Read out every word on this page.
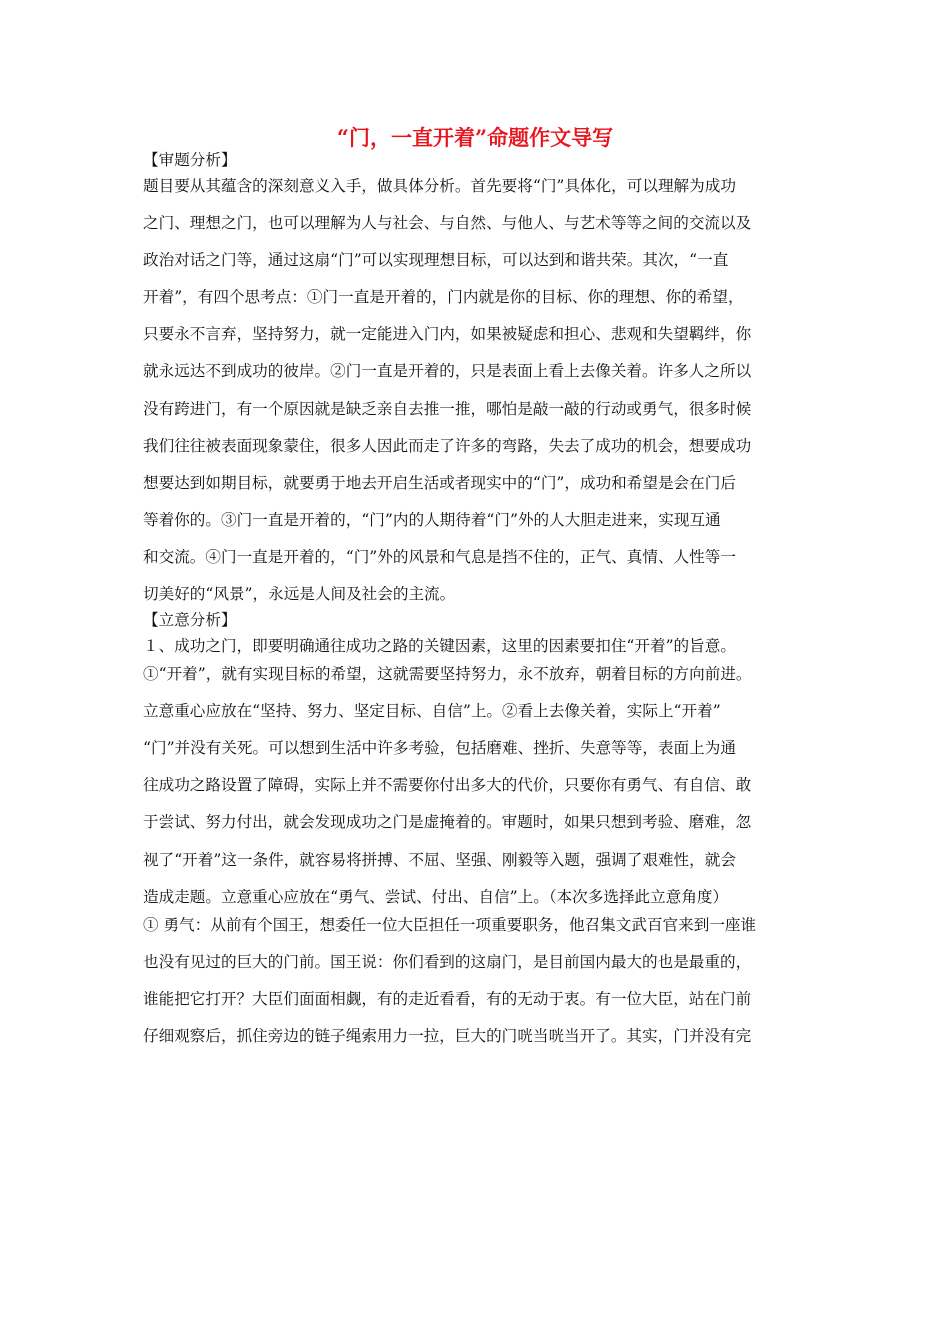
“门，一直开着”命题作文导写
【审题分析】
题目要从其蕴含的深刻意义入手，做具体分析。首先要将“门”具体化，可以理解为成功
之门、理想之门，也可以理解为人与社会、与自然、与他人、与艺术等等之间的交流以及
政治对话之门等，通过这扇“门”可以实现理想目标，可以达到和谐共荣。其次，“一直
开着”，有四个思考点：①门一直是开着的，门内就是你的目标、你的理想、你的希望，
只要永不言弃，坚持努力，就一定能进入门内，如果被疑虑和担心、悲观和失望羁绊，你
就永远达不到成功的彼岸。②门一直是开着的，只是表面上看上去像关着。许多人之所以
没有跨进门，有一个原因就是缺乏亲自去推一推，哪怕是敲一敲的行动或勇气，很多时候
我们往往被表面现象蒙住，很多人因此而走了许多的弯路，失去了成功的机会，想要成功
想要达到如期目标，就要勇于地去开启生活或者现实中的“门”，成功和希望是会在门后
等着你的。③门一直是开着的，“门”内的人期待着“门”外的人大胆走进来，实现互通
和交流。④门一直是开着的，“门”外的风景和气息是挡不住的，正气、真情、人性等一
切美好的“风景”，永远是人间及社会的主流。
【立意分析】
１、成功之门，即要明确通往成功之路的关键因素，这里的因素要扣住“开着”的旨意。
①“开着”，就有实现目标的希望，这就需要坚持努力，永不放弃，朝着目标的方向前进。
立意重心应放在“坚持、努力、坚定目标、自信”上。②看上去像关着，实际上“开着”
“门”并没有关死。可以想到生活中许多考验，包括磨难、挫折、失意等等，表面上为通
往成功之路设置了障碍，实际上并不需要你付出多大的代价，只要你有勇气、有自信、敢
于尝试、努力付出，就会发现成功之门是虚掩着的。审题时，如果只想到考验、磨难，忽
视了“开着”这一条件，就容易将拼搏、不屈、坚强、刚毅等入题，强调了艰难性，就会
造成走题。立意重心应放在“勇气、尝试、付出、自信”上。（本次多选择此立意角度）
① 勇气：从前有个国王，想委任一位大臣担任一项重要职务，他召集文武百官来到一座谁
也没有见过的巨大的门前。国王说：你们看到的这扇门，是目前国内最大的也是最重的，
谁能把它打开？大臣们面面相觑，有的走近看看，有的无动于衷。有一位大臣，站在门前
仔细观察后，抓住旁边的链子绳索用力一拉，巨大的门咣当咣当开了。其实，门并没有完
